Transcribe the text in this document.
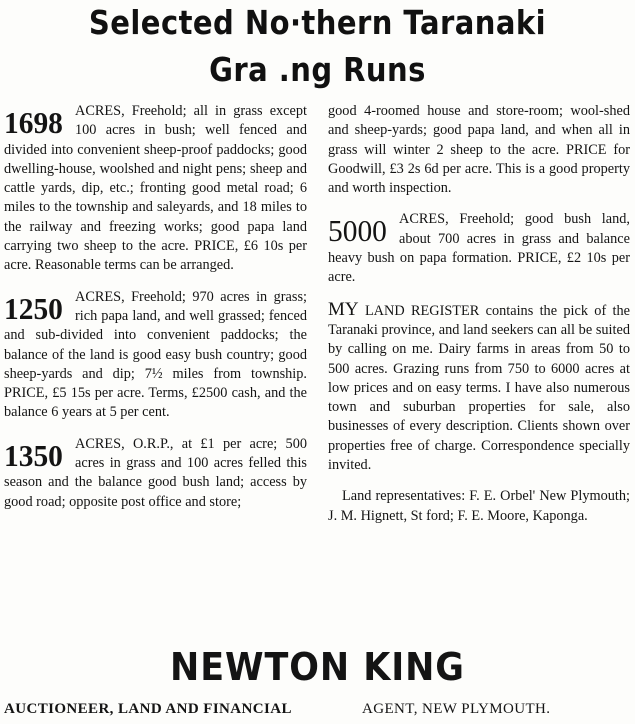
Selected No·thern Taranaki
Gra .ng Runs

1698 ACRES, Freehold; all in grass except 100 acres in bush; well fenced and divided into convenient sheep-proof paddocks; good dwelling-house, woolshed and night pens; sheep and cattle yards, dip, etc.; fronting good metal road; 6 miles to the township and saleyards, and 18 miles to the railway and freezing works; good papa land carrying two sheep to the acre. PRICE, £6 10s per acre. Reasonable terms can be arranged.

1250 ACRES, Freehold; 970 acres in grass; rich papa land, and well grassed; fenced and sub-divided into convenient paddocks; the balance of the land is good easy bush country; good sheep-yards and dip; 7½ miles from township. PRICE, £5 15s per acre. Terms, £2500 cash, and the balance 6 years at 5 per cent.

1350 ACRES, O.R.P., at £1 per acre; 500 acres in grass and 100 acres felled this season and the balance good bush land; access by good road; opposite post office and store;

good 4-roomed house and store-room; wool-shed and sheep-yards; good papa land, and when all in grass will winter 2 sheep to the acre. PRICE for Goodwill, £3 2s 6d per acre. This is a good property and worth inspection.

5000 ACRES, Freehold; good bush land, about 700 acres in grass and balance heavy bush on papa formation. PRICE, £2 10s per acre.

MY LAND REGISTER contains the pick of the Taranaki province, and land seekers can all be suited by calling on me. Dairy farms in areas from 50 to 500 acres. Grazing runs from 750 to 6000 acres at low prices and on easy terms. I have also numerous town and suburban properties for sale, also businesses of every description. Clients shown over properties free of charge. Correspondence specially invited.

Land representatives: F. E. Orbel' New Plymouth; J. M. Hignett, St ford; F. E. Moore, Kaponga.

NEWTON KING
AUCTIONEER, LAND AND FINANCIAL	AGENT, NEW PLYMOUTH.
